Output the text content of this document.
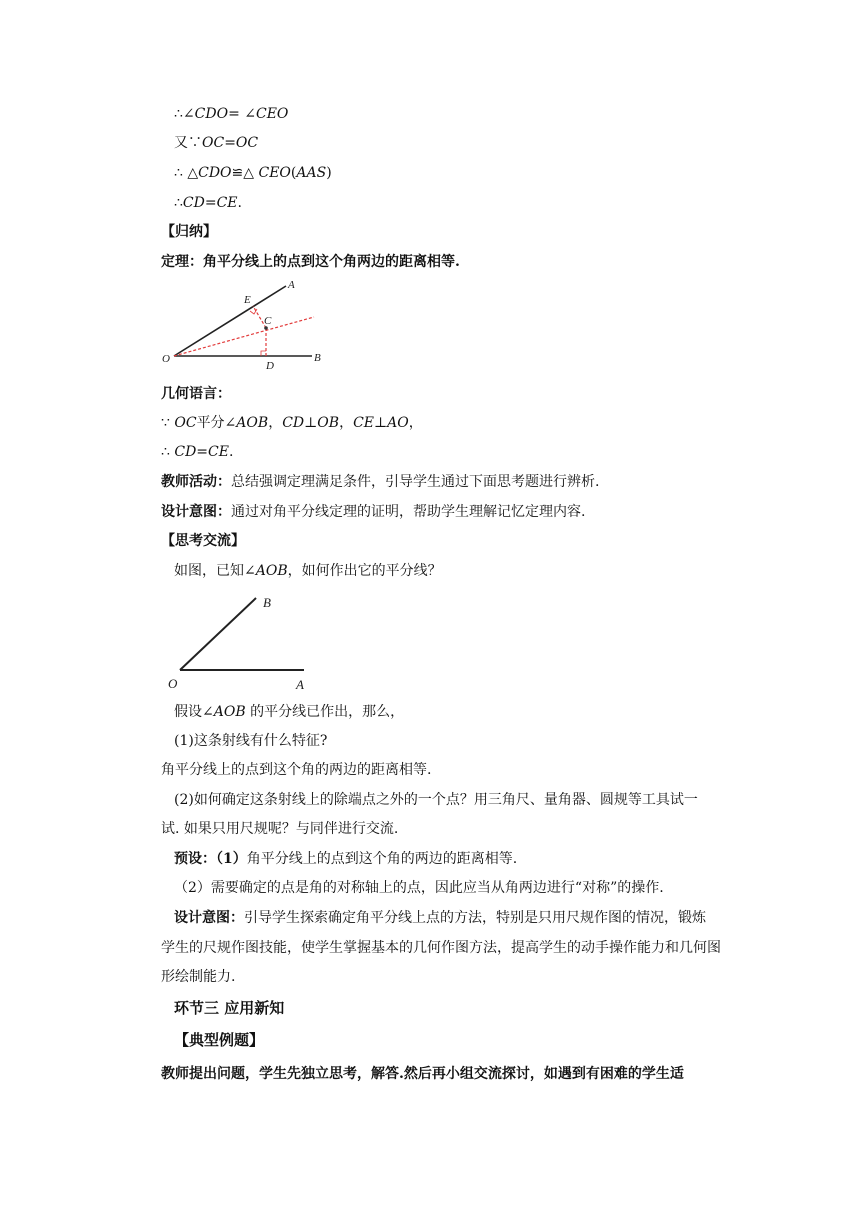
∴∠CDO= ∠CEO
又∵OC=OC
∴ △CDO≌△ CEO(AAS)
∴CD=CE.
【归纳】
定理：角平分线上的点到这个角两边的距离相等.
A
E
C
O
D
B
几何语言：
∵ OC平分∠AOB，CD⊥OB，CE⊥AO，
∴ CD=CE.
教师活动：总结强调定理满足条件，引导学生通过下面思考题进行辨析.
设计意图：通过对角平分线定理的证明，帮助学生理解记忆定理内容.
【思考交流】
如图，已知∠AOB，如何作出它的平分线？
B
O	A
假设∠AOB 的平分线已作出，那么，
(1)这条射线有什么特征?
角平分线上的点到这个角的两边的距离相等.
(2)如何确定这条射线上的除端点之外的一个点？用三角尺、量角器、圆规等工具试一
试. 如果只用尺规呢？与同伴进行交流.
预设：（1）角平分线上的点到这个角的两边的距离相等.
（2）需要确定的点是角的对称轴上的点，因此应当从角两边进行“对称”的操作.
设计意图：引导学生探索确定角平分线上点的方法，特别是只用尺规作图的情况，锻炼
学生的尺规作图技能，使学生掌握基本的几何作图方法，提高学生的动手操作能力和几何图
形绘制能力.
环节三 应用新知
【典型例题】
教师提出问题，学生先独立思考，解答.然后再小组交流探讨，如遇到有困难的学生适
